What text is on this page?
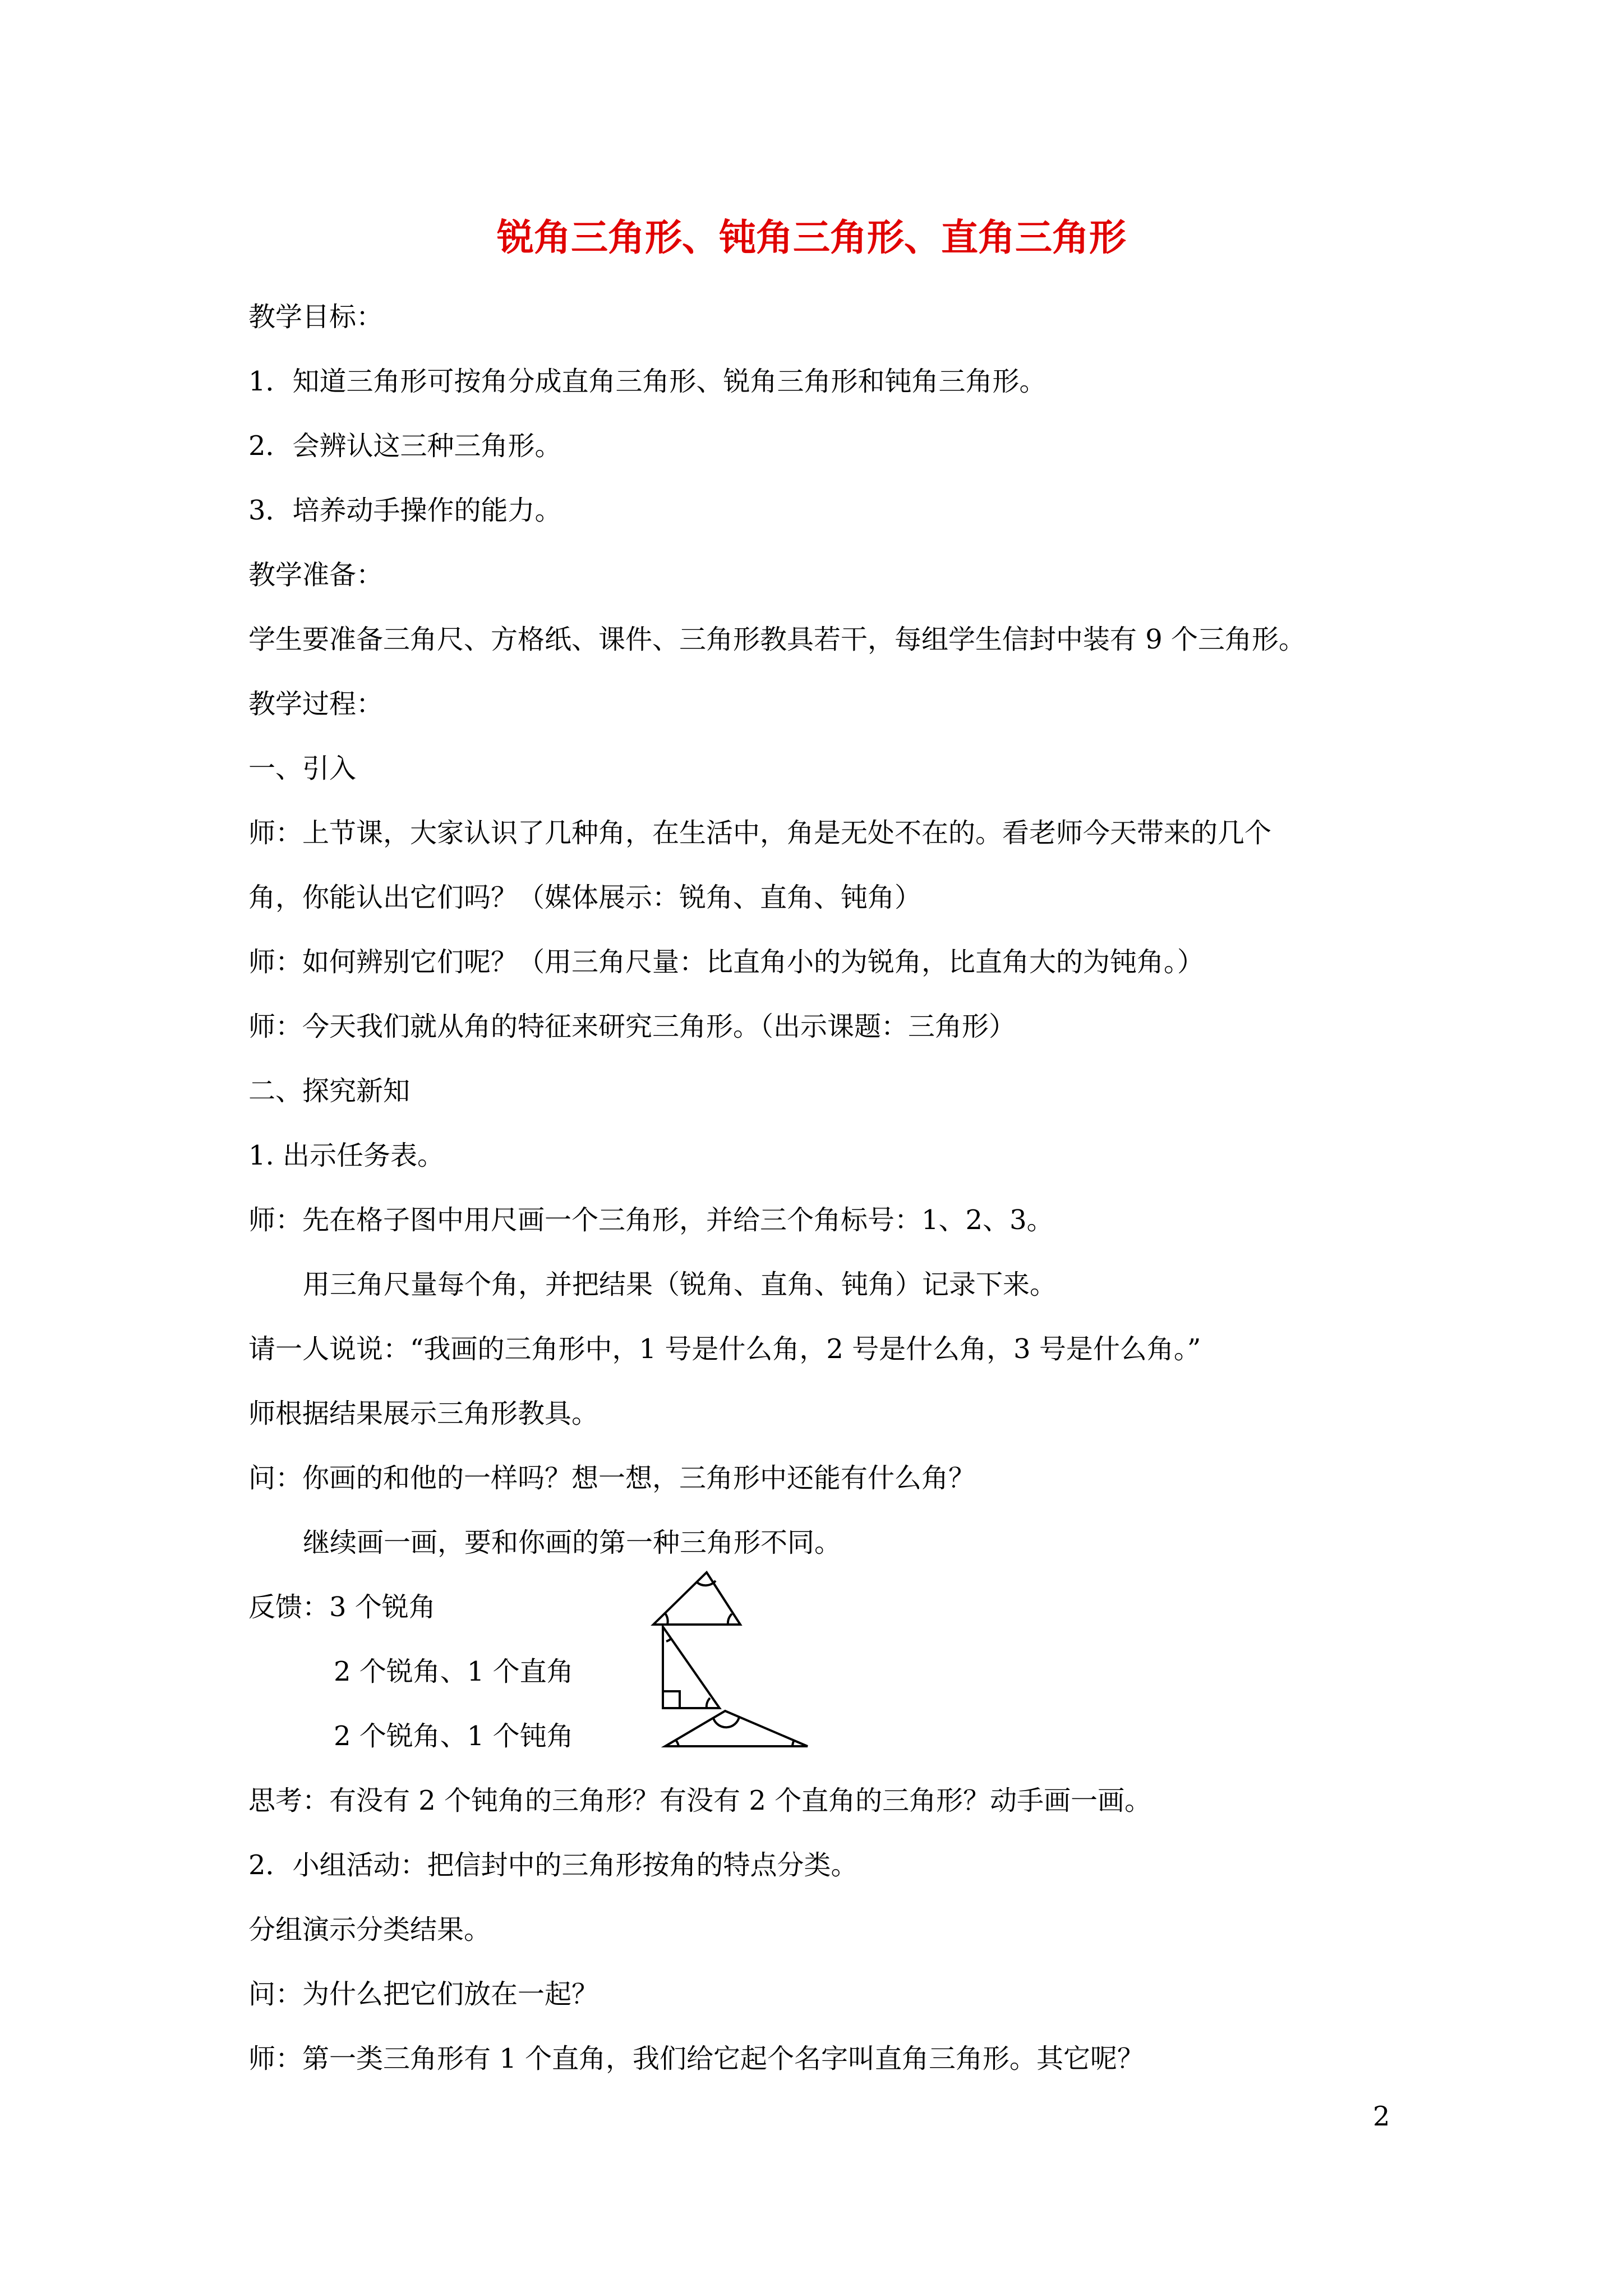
锐角三角形、钝角三角形、直角三角形
教学目标：
1．知道三角形可按角分成直角三角形、锐角三角形和钝角三角形。
2．会辨认这三种三角形。
3．培养动手操作的能力。
教学准备：
学生要准备三角尺、方格纸、课件、三角形教具若干，每组学生信封中装有 9 个三角形。
教学过程：
一、引入
师：上节课，大家认识了几种角，在生活中，角是无处不在的。看老师今天带来的几个
角，你能认出它们吗？（媒体展示：锐角、直角、钝角）
师：如何辨别它们呢？（用三角尺量：比直角小的为锐角，比直角大的为钝角。）
师：今天我们就从角的特征来研究三角形。（出示课题：三角形）
二、探究新知
1. 出示任务表。
师：先在格子图中用尺画一个三角形，并给三个角标号：1、2、3。
用三角尺量每个角，并把结果（锐角、直角、钝角）记录下来。
请一人说说：“我画的三角形中，1 号是什么角，2 号是什么角，3 号是什么角。”
师根据结果展示三角形教具。
问：你画的和他的一样吗？想一想，三角形中还能有什么角？
继续画一画，要和你画的第一种三角形不同。
反馈：3 个锐角
2 个锐角、1 个直角
2 个锐角、1 个钝角
思考：有没有 2 个钝角的三角形？有没有 2 个直角的三角形？动手画一画。
2．小组活动：把信封中的三角形按角的特点分类。
分组演示分类结果。
问：为什么把它们放在一起？
师：第一类三角形有 1 个直角，我们给它起个名字叫直角三角形。其它呢？
2
